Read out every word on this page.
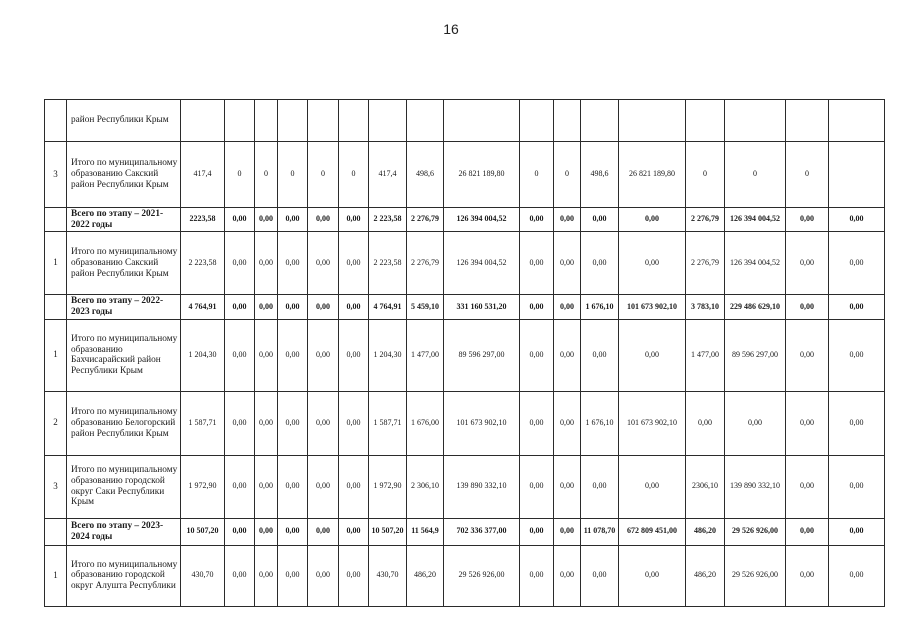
16
	район Республики Крым																	
3	Итого по муниципальному образованию Сакский район Республики Крым	417,4	0	0	0	0	0	417,4	498,6	26 821 189,80	0	0	498,6	26 821 189,80	0	0	0	
	Всего по этапу – 2021-2022 годы	2223,58	0,00	0,00	0,00	0,00	0,00	2 223,58	2 276,79	126 394 004,52	0,00	0,00	0,00	0,00	2 276,79	126 394 004,52	0,00	0,00
1	Итого по муниципальному образованию Сакский район Республики Крым	2 223,58	0,00	0,00	0,00	0,00	0,00	2 223,58	2 276,79	126 394 004,52	0,00	0,00	0,00	0,00	2 276,79	126 394 004,52	0,00	0,00
	Всего по этапу – 2022-2023 годы	4 764,91	0,00	0,00	0,00	0,00	0,00	4 764,91	5 459,10	331 160 531,20	0,00	0,00	1 676,10	101 673 902,10	3 783,10	229 486 629,10	0,00	0,00
1	Итого по муниципальному образованию Бахчисарайский район Республики Крым	1 204,30	0,00	0,00	0,00	0,00	0,00	1 204,30	1 477,00	89 596 297,00	0,00	0,00	0,00	0,00	1 477,00	89 596 297,00	0,00	0,00
2	Итого по муниципальному образованию Белогорский район Республики Крым	1 587,71	0,00	0,00	0,00	0,00	0,00	1 587,71	1 676,00	101 673 902,10	0,00	0,00	1 676,10	101 673 902,10	0,00	0,00	0,00	0,00
3	Итого по муниципальному образованию городской округ Саки Республики Крым	1 972,90	0,00	0,00	0,00	0,00	0,00	1 972,90	2 306,10	139 890 332,10	0,00	0,00	0,00	0,00	2306,10	139 890 332,10	0,00	0,00
	Всего по этапу – 2023-2024 годы	10 507,20	0,00	0,00	0,00	0,00	0,00	10 507,20	11 564,9	702 336 377,00	0,00	0,00	11 078,70	672 809 451,00	486,20	29 526 926,00	0,00	0,00
1	Итого по муниципальному образованию городской округ Алушта Республики	430,70	0,00	0,00	0,00	0,00	0,00	430,70	486,20	29 526 926,00	0,00	0,00	0,00	0,00	486,20	29 526 926,00	0,00	0,00
